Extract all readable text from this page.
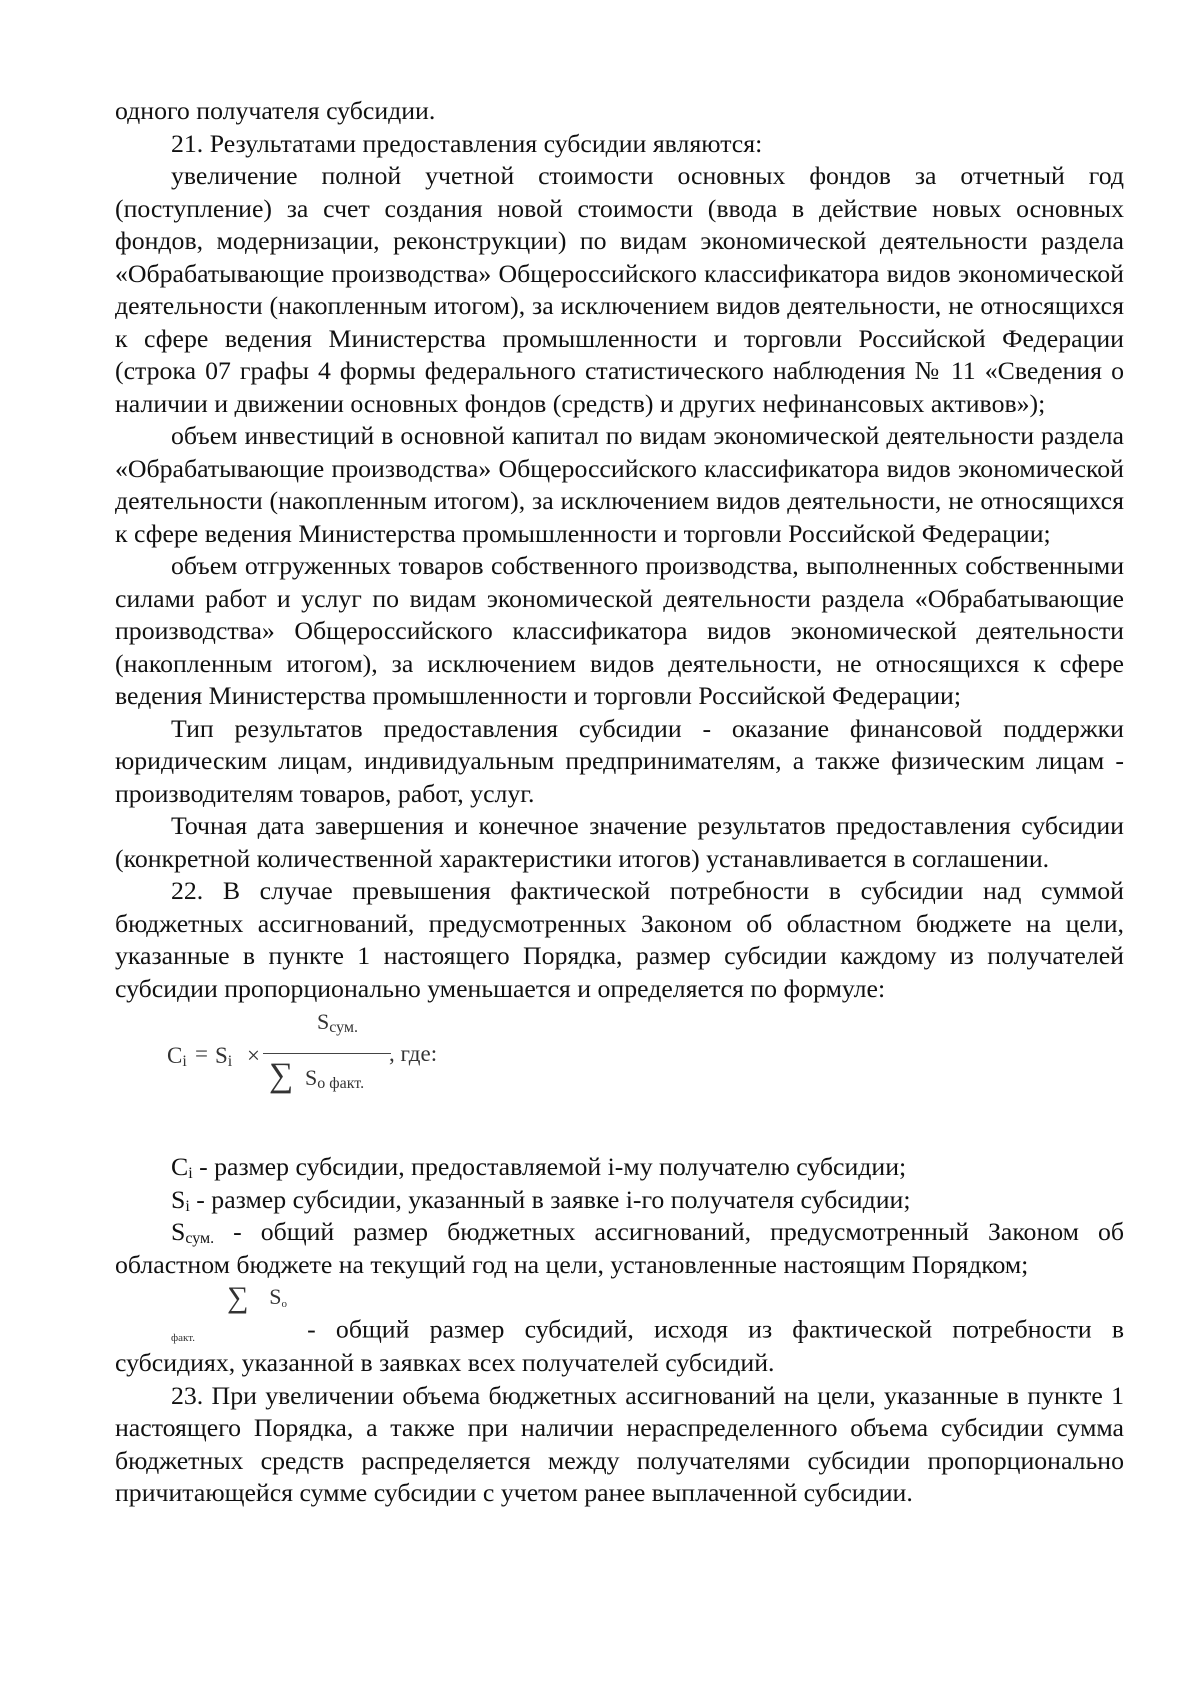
одного получателя субсидии.

21. Результатами предоставления субсидии являются:

увеличение полной учетной стоимости основных фондов за отчетный год (поступление) за счет создания новой стоимости (ввода в действие новых основных фондов, модернизации, реконструкции) по видам экономической деятельности раздела «Обрабатывающие производства» Общероссийского классификатора видов экономической деятельности (накопленным итогом), за исключением видов деятельности, не относящихся к сфере ведения Министерства промышленности и торговли Российской Федерации (строка 07 графы 4 формы федерального статистического наблюдения № 11 «Сведения о наличии и движении основных фондов (средств) и других нефинансовых активов»);

объем инвестиций в основной капитал по видам экономической деятельности раздела «Обрабатывающие производства» Общероссийского классификатора видов экономической деятельности (накопленным итогом), за исключением видов деятельности, не относящихся к сфере ведения Министерства промышленности и торговли Российской Федерации;

объем отгруженных товаров собственного производства, выполненных собственными силами работ и услуг по видам экономической деятельности раздела «Обрабатывающие производства» Общероссийского классификатора видов экономической деятельности (накопленным итогом), за исключением видов деятельности, не относящихся к сфере ведения Министерства промышленности и торговли Российской Федерации;

Тип результатов предоставления субсидии - оказание финансовой поддержки юридическим лицам, индивидуальным предпринимателям, а также физическим лицам - производителям товаров, работ, услуг.

Точная дата завершения и конечное значение результатов предоставления субсидии (конкретной количественной характеристики итогов) устанавливается в соглашении.

22. В случае превышения фактической потребности в субсидии над суммой бюджетных ассигнований, предусмотренных Законом об областном бюджете на цели, указанные в пункте 1 настоящего Порядка, размер субсидии каждому из получателей субсидии пропорционально уменьшается и определяется по формуле:

$C_i = S_i$ ×
$S_{сум.}$
∑ $S_{о факт.}$
, где:

$C_i$ - размер субсидии, предоставляемой i-му получателю субсидии;

$S_i$ - размер субсидии, указанный в заявке i-го получателя субсидии;

$S_{сум.}$ - общий размер бюджетных ассигнований, предусмотренный Законом об областном бюджете на текущий год на цели, установленные настоящим Порядком;

∑ $S_{о факт.}$	- общий размер субсидий, исходя из фактической потребности в субсидиях, указанной в заявках всех получателей субсидий.

23. При увеличении объема бюджетных ассигнований на цели, указанные в пункте 1 настоящего Порядка, а также при наличии нераспределенного объема субсидии сумма бюджетных средств распределяется между получателями субсидии пропорционально причитающейся сумме субсидии с учетом ранее выплаченной субсидии.
